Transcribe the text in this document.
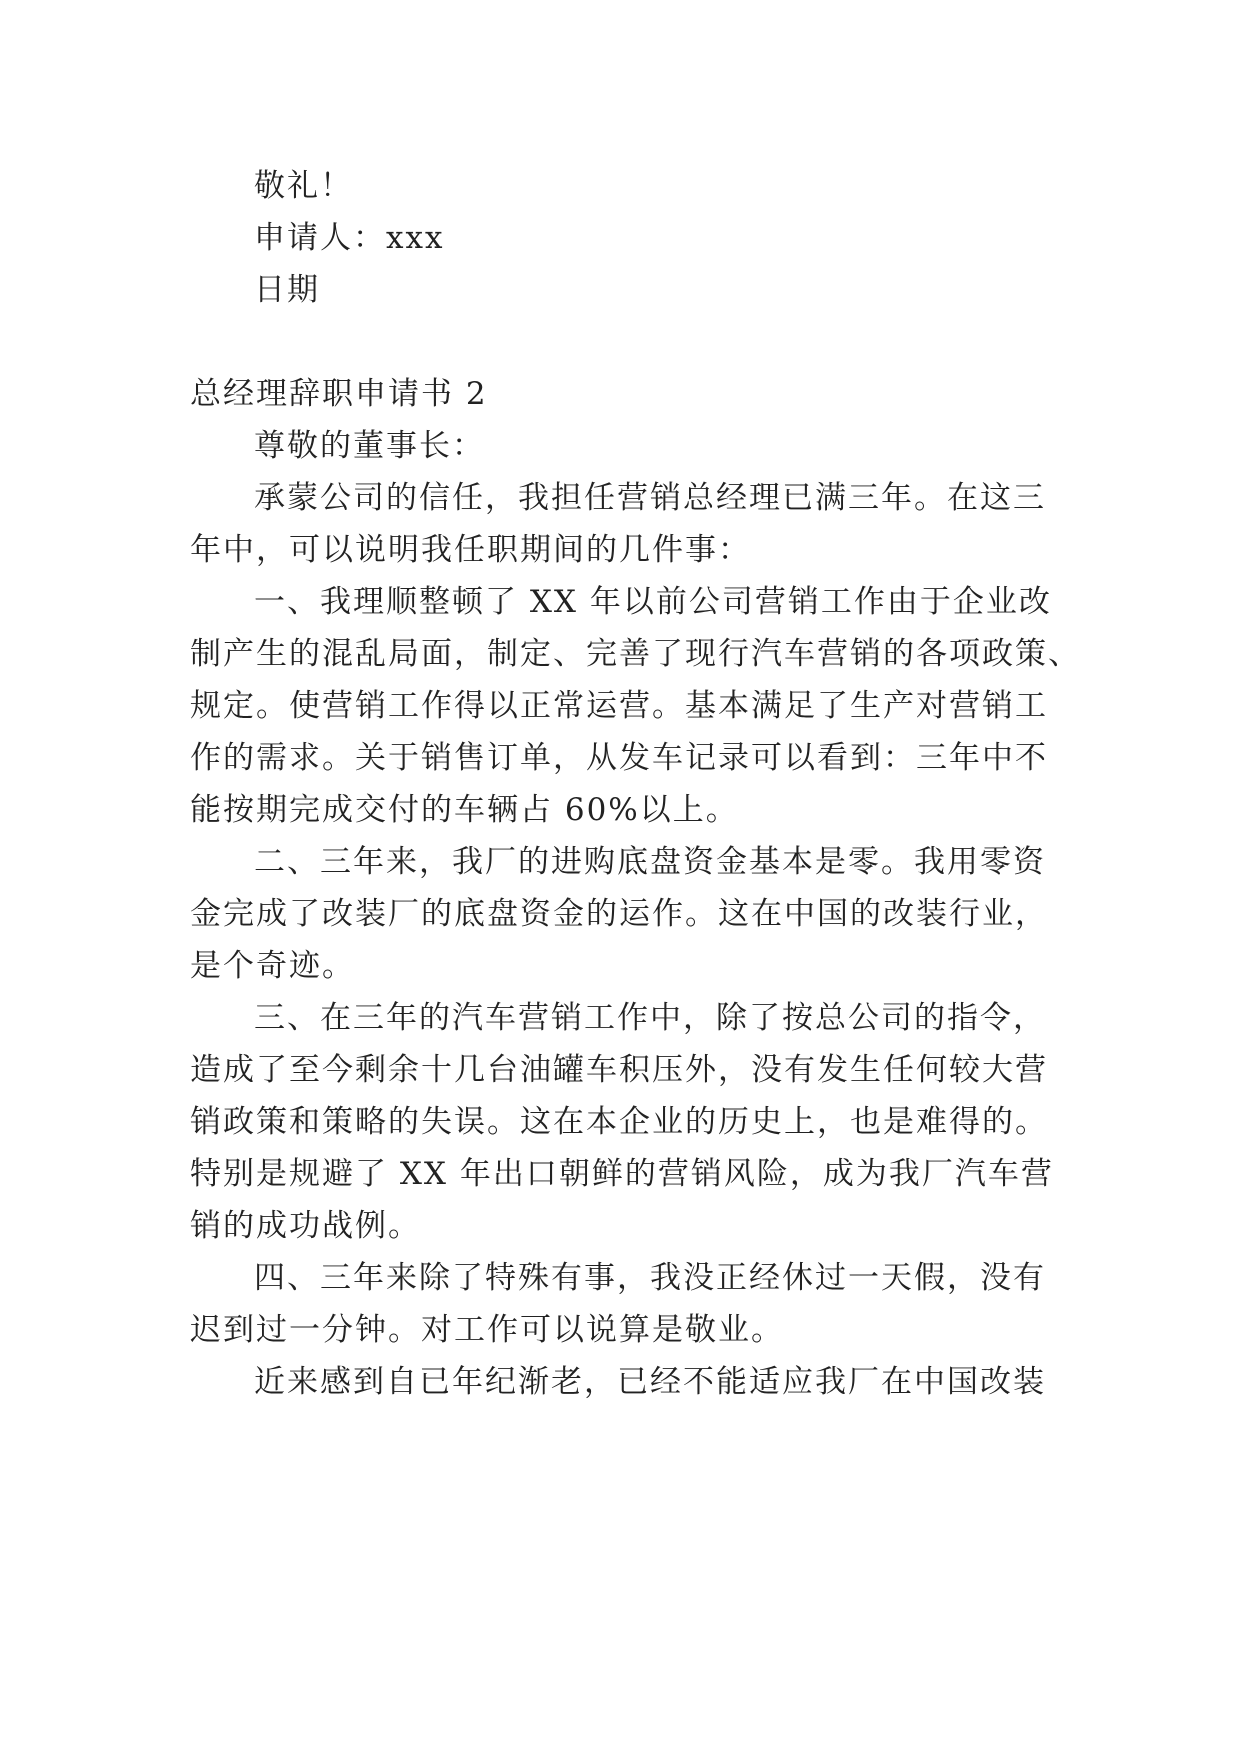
敬礼！
申请人：xxx
日期
总经理辞职申请书 2
尊敬的董事长：
承蒙公司的信任，我担任营销总经理已满三年。在这三
年中，可以说明我任职期间的几件事：
一、我理顺整顿了 XX 年以前公司营销工作由于企业改
制产生的混乱局面，制定、完善了现行汽车营销的各项政策、
规定。使营销工作得以正常运营。基本满足了生产对营销工
作的需求。关于销售订单，从发车记录可以看到：三年中不
能按期完成交付的车辆占 60%以上。
二、三年来，我厂的进购底盘资金基本是零。我用零资
金完成了改装厂的底盘资金的运作。这在中国的改装行业，
是个奇迹。
三、在三年的汽车营销工作中，除了按总公司的指令，
造成了至今剩余十几台油罐车积压外，没有发生任何较大营
销政策和策略的失误。这在本企业的历史上，也是难得的。
特别是规避了 XX 年出口朝鲜的营销风险，成为我厂汽车营
销的成功战例。
四、三年来除了特殊有事，我没正经休过一天假，没有
迟到过一分钟。对工作可以说算是敬业。
近来感到自已年纪渐老，已经不能适应我厂在中国改装
